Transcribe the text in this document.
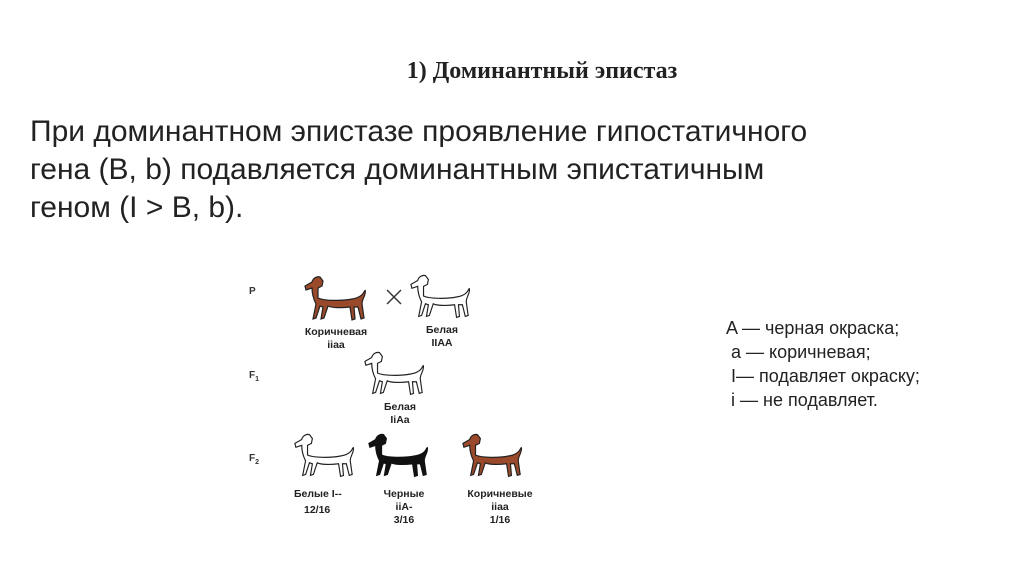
1) Доминантный эпистаз
При доминантном эпистазе проявление гипостатичного
гена (B, b) подавляется доминантным эпистатичным
геном (I > B, b).
P
$F_1$
$F_2$
Коричневая
iiaa
Белая
IIAA
Белая
IiAa
Белые I--
12/16
Черные
iiA-
3/16
Коричневые
iiaa
1/16
A — черная окраска;
a — коричневая;
I— подавляет окраску;
i — не подавляет.
